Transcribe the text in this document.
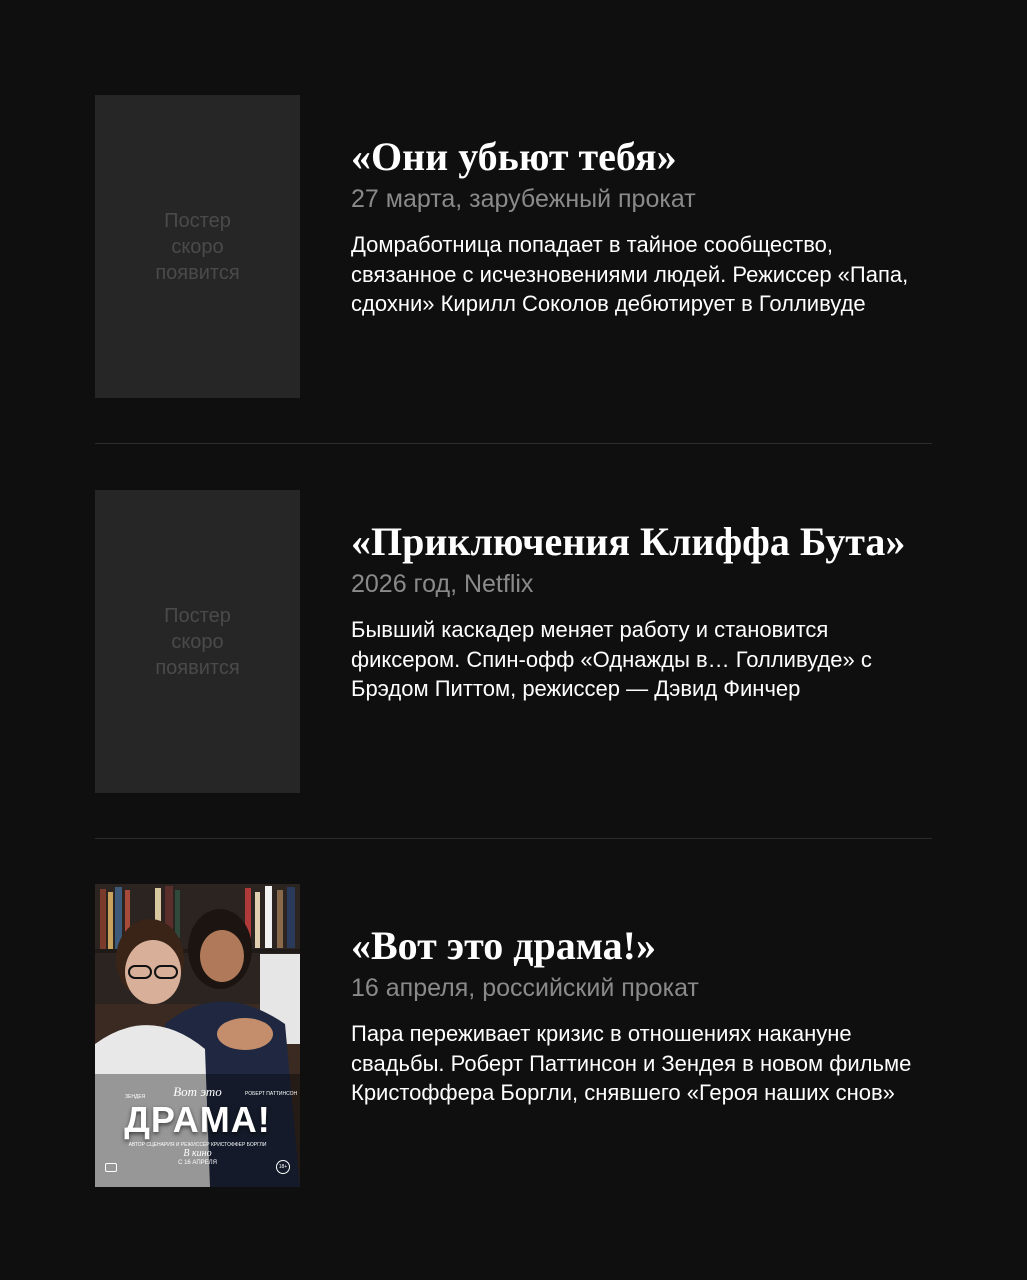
Постер скоро появится
«Они убьют тебя»
27 марта, зарубежный прокат
Домработница попадает в тайное сообщество, связанное с исчезновениями людей. Режиссер «Папа, сдохни» Кирилл Соколов дебютирует в Голливуде
Постер скоро появится
«Приключения Клиффа Бута»
2026 год, Netflix
Бывший каскадер меняет работу и становится фиксером. Спин-офф «Однажды в… Голливуде» с Брэдом Питтом, режиссер — Дэвид Финчер
ЗЕНДЕЯ	РОБЕРТ ПАТТИНСОН
Вот это
ДРАМА!
АВТОР СЦЕНАРИЯ И РЕЖИССЁР КРИСТОФФЕР БОРГЛИ
В кино
С 16 АПРЕЛЯ
18+
«Вот это драма!»
16 апреля, российский прокат
Пара переживает кризис в отношениях накануне свадьбы. Роберт Паттинсон и Зендея в новом фильме Кристоффера Боргли, снявшего «Героя наших снов»
